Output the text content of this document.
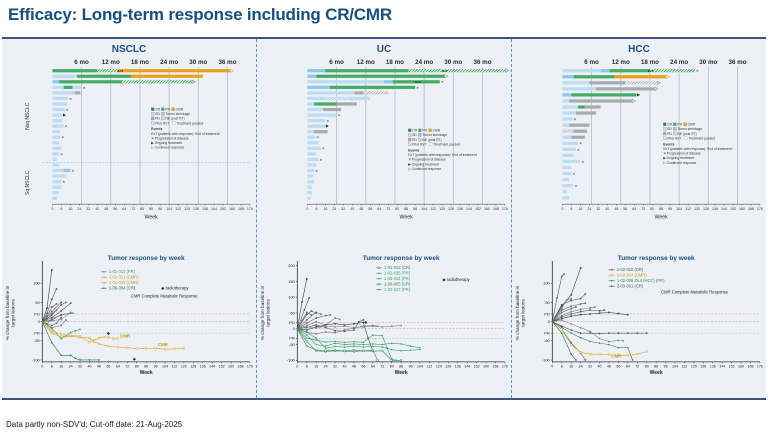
Efficacy: Long-term response including CR/CMR
NSCLC
6 mo 12 mo 18 mo 24 mo 30 mo 36 mo
EoT
✕
✕
✕
✕
✕
✕
✕
✕
Nsq NSCLC
Sq NSCLC
0 8 16 24 32 40 48 56 64 72 80 88 96 104 112 120 128 136 144 152 160 168 176
Week
CR PR CMR
SD Tumor shrinkage
PD NE (post RT)
Prior RxT Treatment paused
Events
EoT (patients with response): End of treatment
✕ Progression of disease
▶ Ongoing treatment
▷ Continued response
Tumor response by week
100
50
PD
0
PR
-50
-100
0 8 16 24 32 40 48 56 64 72 80 88 96 104 112 120 128 136 144 152 160 168 176
Week
% change from baseline in target lesions
CMR
CMR
1-01-013 (PR)
1-01-021 (CMR)
1-01-015 (CMR)
1-06-004 (CR)	◆ radiotherapy
CMR Complete Metabolic Response
UC
6 mo 12 mo 18 mo 24 mo 30 mo 36 mo
EoT
✕
EoT
✕
✕
✕
✕
✕
✕
✕
0 8 16 24 32 40 48 56 64 72 80 88 96 104 112 120 128 136 144 152 160 168 176
Week
CR PR CMR
SD Tumor shrinkage
PD NE (post RT)
Prior RxT Treatment paused
Events
EoT (patients with response): End of treatment
✕ Progression of disease
▶ Ongoing treatment
▷ Continued response
Tumor response by week
200
150
100
50
PD
0
PR
-50
-100
0 8 16 24 32 40 48 56 64 72 80 88 96 104 112 120 128 136 144 152 160 168 176
Week
% change from baseline in target lesions
1-01-015 (CR)
1-02-036 (PR)
1-03-014 (PR)
1-06-005 (CR)
1-02-037 (PR)
◆ radiotherapy
HCC
6 mo 12 mo 18 mo 24 mo 30 mo 36 mo
✕
EoT
✕
✕
✕
✕
✕
✕
0 8 16 24 32 40 48 56 64 72 80 88 96 104 112 120 128 136 144 152 160 168 176
Week
CR PR CMR
SD Tumor shrinkage
PD NE (post RT)
Prior RxT Treatment paused
Events
EoT (patients with response): End of treatment
✕ Progression of disease
▶ Ongoing treatment
▷ Continued response
Tumor response by week
100
50
PD
0
PR
-50
-100
0 8 16 24 32 40 48 56 64 72 80 88 96 104 112 120 128 136 144 152 160 168 176
Week
% change from baseline in target lesions
CMR
1-02-010 (CR)
1-03-014 (CMR)
1-02-006 DL4 (HCC) (PR)
2-03-001 (CR)
CMR Complete Metabolic Response
Data partly non-SDV'd; Cut-off date: 21-Aug-2025
